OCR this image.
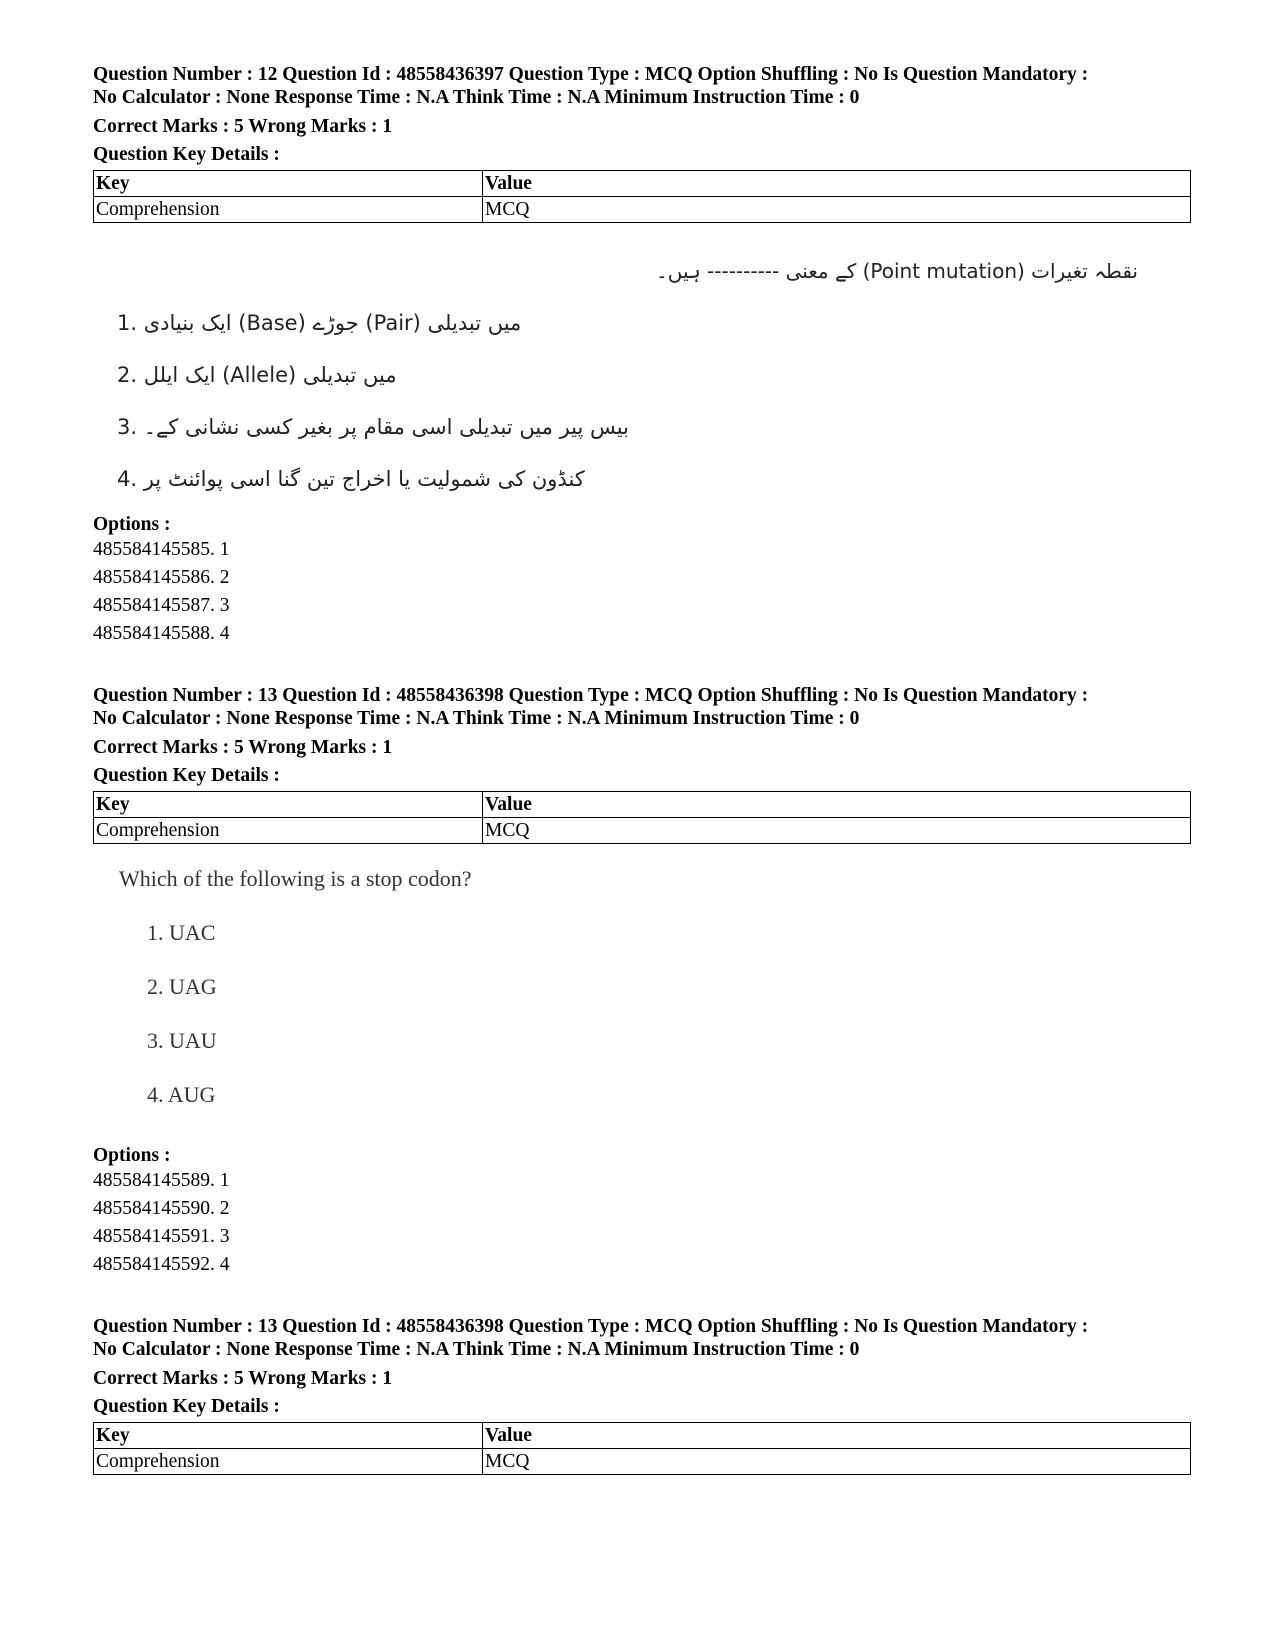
Question Number : 12 Question Id : 48558436397 Question Type : MCQ Option Shuffling : No Is Question Mandatory :
No Calculator : None Response Time : N.A Think Time : N.A Minimum Instruction Time : 0
Correct Marks : 5 Wrong Marks : 1
Question Key Details :
Key	Value
Comprehension	MCQ
نقطہ تغیرات (Point mutation) کے معنی ---------- ہیں۔
1. ایک بنیادی (Base) جوڑے (Pair) میں تبدیلی
2. ایک ایلل (Allele) میں تبدیلی
3. بیس پیر میں تبدیلی اسی مقام پر بغیر کسی نشانی کے۔
4. کنڈون کی شمولیت یا اخراج تین گنا اسی پوائنٹ پر
Options :
485584145585. 1
485584145586. 2
485584145587. 3
485584145588. 4
Question Number : 13 Question Id : 48558436398 Question Type : MCQ Option Shuffling : No Is Question Mandatory :
No Calculator : None Response Time : N.A Think Time : N.A Minimum Instruction Time : 0
Correct Marks : 5 Wrong Marks : 1
Question Key Details :
Key	Value
Comprehension	MCQ
Which of the following is a stop codon?
1. UAC
2. UAG
3. UAU
4. AUG
Options :
485584145589. 1
485584145590. 2
485584145591. 3
485584145592. 4
Question Number : 13 Question Id : 48558436398 Question Type : MCQ Option Shuffling : No Is Question Mandatory :
No Calculator : None Response Time : N.A Think Time : N.A Minimum Instruction Time : 0
Correct Marks : 5 Wrong Marks : 1
Question Key Details :
Key	Value
Comprehension	MCQ
